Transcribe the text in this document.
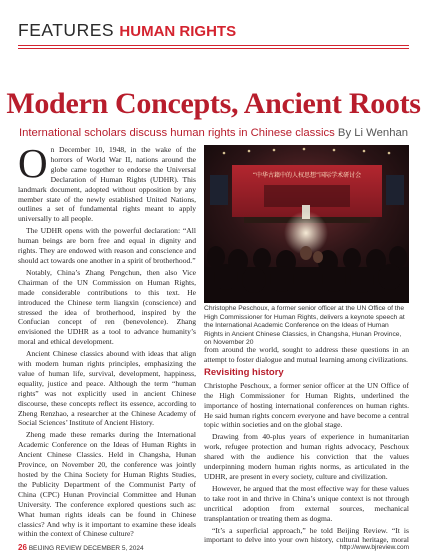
FEATURES HUMAN RIGHTS
Modern Concepts, Ancient Roots
International scholars discuss human rights in Chinese classics By Li Wenhan

On December 10, 1948, in the wake of the horrors of World War II, nations around the globe came together to endorse the Universal Declaration of Human Rights (UDHR). This landmark document, adopted without opposition by any member state of the newly established United Nations, outlines a set of fundamental rights meant to apply universally to all people.

The UDHR opens with the powerful declaration: “All human beings are born free and equal in dignity and rights. They are endowed with reason and conscience and should act towards one another in a spirit of brotherhood.”

Notably, China’s Zhang Pengchun, then also Vice Chairman of the UN Commission on Human Rights, made considerable contributions to this text. He introduced the Chinese term liangxin (conscience) and stressed the idea of brotherhood, inspired by the Confucian concept of ren (benevolence). Zhang envisioned the UDHR as a tool to advance humanity’s moral and ethical development.

Ancient Chinese classics abound with ideas that align with modern human rights principles, emphasizing the value of human life, survival, development, happiness, equality, justice and peace. Although the term “human rights” was not explicitly used in ancient Chinese discourse, these concepts reflect its essence, according to Zheng Renzhao, a researcher at the Chinese Academy of Social Sciences’ Institute of Ancient History.

Zheng made these remarks during the International Academic Conference on the Ideas of Human Rights in Ancient Chinese Classics. Held in Changsha, Hunan Province, on November 20, the conference was jointly hosted by the China Society for Human Rights Studies, the Publicity Department of the Communist Party of China (CPC) Hunan Provincial Committee and Hunan University. The conference explored questions such as: What human rights ideals can be found in Chinese classics? And why is it important to examine these ideals within the context of Chinese culture?

“中华古籍中的人权思想”国际学术研讨会
Christophe Peschoux, a former senior officer at the UN Office of the High Commissioner for Human Rights, delivers a keynote speech at the International Academic Conference on the Ideas of Human Rights in Ancient Chinese Classics, in Changsha, Hunan Province, on November 20

from around the world, sought to address these questions in an attempt to foster dialogue and mutual learning among civilizations.

Revisiting history

Christophe Peschoux, a former senior officer at the UN Office of the High Commissioner for Human Rights, underlined the importance of hosting international conferences on human rights. He said human rights concern everyone and have become a central topic within societies and on the global stage.

Drawing from 40-plus years of experience in humanitarian work, refugee protection and human rights advocacy, Peschoux shared with the audience his conviction that the values underpinning modern human rights norms, as articulated in the UDHR, are present in every society, culture and civilization.

However, he argued that the most effective way for these values to take root in and thrive in China’s unique context is not through uncritical adoption from external sources, mechanical transplantation or treating them as dogma.

“It’s a superficial approach,” he told Beijing Review. “It is important to delve into your own history, cultural heritage, moral

26 BEIJING REVIEW DECEMBER 5, 2024	http://www.bjreview.com
